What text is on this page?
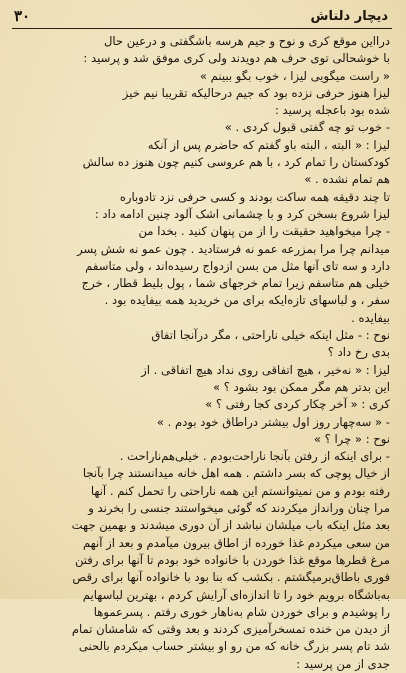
۳۰	دیچار دلناش
درااین موقع کری و نوح و جیم هرسه باشگفتی و درعین حال
با خوشحالی توی حرف هم دویدند ولی کری موفق شد و پرسید :
« راست میگویی لیزا ، خوب بگو ببینم »
لیزا هنوز حرفی نزده بود که جیم درحالیکه تقریبا نیم خیز
شده بود باعجله پرسید :
- خوب تو چه گفتی قبول کردی . »
لیزا : « البته ، البته باو گفتم که حاضرم پس از آنکه
کودکستان را تمام کرد ، با هم عروسی کنیم چون هنوز ده سالش
هم تمام نشده . »
تا چند دقیقه همه ساکت بودند و کسی حرفی نزد تادوباره
لیزا شروع بسخن کرد و با چشمانی اشک آلود چنین ادامه داد :
- چرا میخواهید حقیقت را از من پنهان کنید . بخدا من
میدانم چرا مرا بمزرعه عمو نه فرستادید . چون عمو نه شش پسر
دارد و سه تای آنها مثل من بسن ازدواج رسیده‌اند ، ولی متاسفم
خیلی هم متاسفم زیرا تمام خرجهای شما ، پول بلیط قطار ، خرج
سفر ، و لباسهای تازه‌ایکه برای من خریدید همه بیفایده بود .
بیفایده .
نوح : - مثل اینکه خیلی ناراحتی ، مگر درآنجا اتفاق
بدی رخ داد ؟
لیزا : « نه‌خیر ، هیچ اتفاقی روی نداد هیچ اتفاقی . از
این بدتر هم مگر ممکن بود بشود ؟ »
کری : « آخر چکار کردی کجا رفتی ؟ »
- « سه‌چهار روز اول بیشتر دراطاق خود بودم . »
نوح : « چرا ؟ »
- برای اینکه از رفتن بآنجا ناراحت‌بودم . خیلی‌هم‌ناراحت .
از خیال پوچی که بسر داشتم . همه اهل خانه میدانستند چرا بآنجا
رفته بودم و من نمیتوانستم این همه ناراحتی را تحمل کنم . آنها
مرا چنان ورانداز میکردند که گوئی میخواستند جنسی را بخرند و
بعد مثل اینکه باب میلشان نباشد از آن دوری میشدند و بهمین جهت
من سعی میکردم غذا خورده از اطاق بیرون میآمدم و بعد از آنهم
مرغ قطرها موقع غذا خوردن با خانواده خود بودم تا آنها برای رفتن
فوری باطاق‌برمیگشتم . بکشب که بنا بود با خانواده آنها برای رقص
به‌باشگاه برویم خود را تا اندازه‌ای آرایش کردم ، بهترین لباسهایم
را پوشیدم و برای خوردن شام به‌ناهار خوری رفتم . پسرعموها
از دیدن من خنده تمسخرآمیزی کردند و بعد وقتی که شامشان تمام
شد تام پسر بزرگ خانه که من رو او بیشتر حساب میکردم بالحنی
جدی از من پرسید :
